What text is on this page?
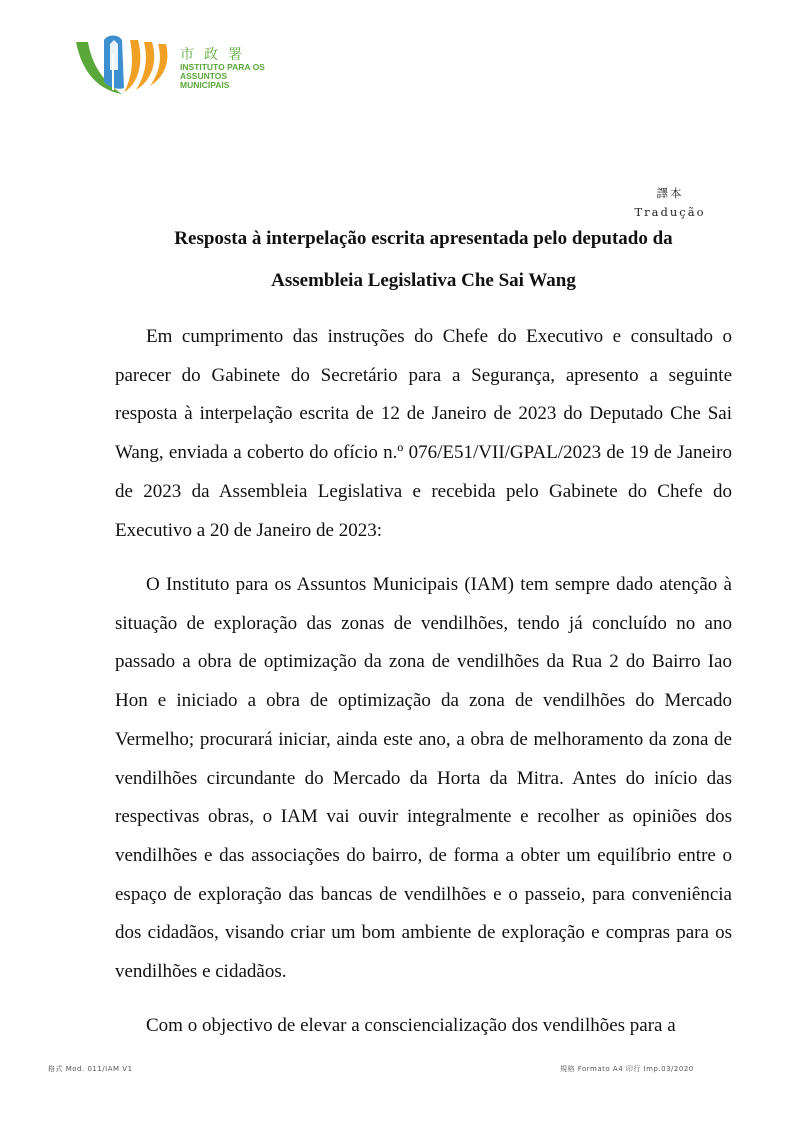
市政署
INSTITUTO PARA OS
ASSUNTOS MUNICIPAIS
譯本
Tradução
Resposta à interpelação escrita apresentada pelo deputado da
Assembleia Legislativa Che Sai Wang

Em cumprimento das instruções do Chefe do Executivo e consultado o parecer do Gabinete do Secretário para a Segurança, apresento a seguinte resposta à interpelação escrita de 12 de Janeiro de 2023 do Deputado Che Sai Wang, enviada a coberto do ofício n.º 076/E51/VII/GPAL/2023 de 19 de Janeiro de 2023 da Assembleia Legislativa e recebida pelo Gabinete do Chefe do Executivo a 20 de Janeiro de 2023:

O Instituto para os Assuntos Municipais (IAM) tem sempre dado atenção à situação de exploração das zonas de vendilhões, tendo já concluído no ano passado a obra de optimização da zona de vendilhões da Rua 2 do Bairro Iao Hon e iniciado a obra de optimização da zona de vendilhões do Mercado Vermelho; procurará iniciar, ainda este ano, a obra de melhoramento da zona de vendilhões circundante do Mercado da Horta da Mitra. Antes do início das respectivas obras, o IAM vai ouvir integralmente e recolher as opiniões dos vendilhões e das associações do bairro, de forma a obter um equilíbrio entre o espaço de exploração das bancas de vendilhões e o passeio, para conveniência dos cidadãos, visando criar um bom ambiente de exploração e compras para os vendilhões e cidadãos.

Com o objectivo de elevar a consciencialização dos vendilhões para a

格式 Mod. 011/IAM V1	規格 Formato A4 印行 Imp.03/2020
